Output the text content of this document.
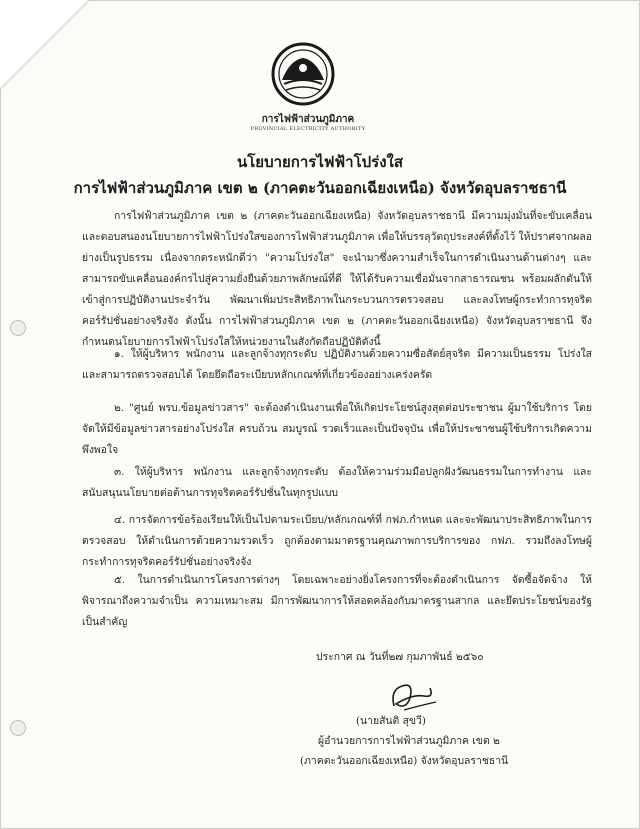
การไฟฟ้าส่วนภูมิภาค
PROVINCIAL ELECTRICITY AUTHORITY
นโยบายการไฟฟ้าโปร่งใส
การไฟฟ้าส่วนภูมิภาค เขต ๒ (ภาคตะวันออกเฉียงเหนือ) จังหวัดอุบลราชธานี
การไฟฟ้าส่วนภูมิภาค เขต ๒ (ภาคตะวันออกเฉียงเหนือ) จังหวัดอุบลราชธานี มีความมุ่งมั่นที่จะขับเคลื่อนและตอบสนองนโยบายการไฟฟ้าโปร่งใสของการไฟฟ้าส่วนภูมิภาค เพื่อให้บรรลุวัตถุประสงค์ที่ตั้งไว้ ให้ปราศจากผลอย่างเป็นรูปธรรม เนื่องจากตระหนักดีว่า "ความโปร่งใส" จะนำมาซึ่งความสำเร็จในการดำเนินงานด้านต่างๆ และสามารถขับเคลื่อนองค์กรไปสู่ความยั่งยืนด้วยภาพลักษณ์ที่ดี ให้ได้รับความเชื่อมั่นจากสาธารณชน พร้อมผลักดันให้เข้าสู่การปฏิบัติงานประจำวัน พัฒนาเพิ่มประสิทธิภาพในกระบวนการตรวจสอบ และลงโทษผู้กระทำการทุจริตคอร์รัปชั่นอย่างจริงจัง ดังนั้น การไฟฟ้าส่วนภูมิภาค เขต ๒ (ภาคตะวันออกเฉียงเหนือ) จังหวัดอุบลราชธานี จึงกำหนดนโยบายการไฟฟ้าโปร่งใสให้หน่วยงานในสังกัดถือปฏิบัติดังนี้
๑. ให้ผู้บริหาร พนักงาน และลูกจ้างทุกระดับ ปฏิบัติงานด้วยความซื่อสัตย์สุจริต มีความเป็นธรรม โปร่งใส และสามารถตรวจสอบได้ โดยยึดถือระเบียบหลักเกณฑ์ที่เกี่ยวข้องอย่างเคร่งครัด
๒. "ศูนย์ พรบ.ข้อมูลข่าวสาร" จะต้องดำเนินงานเพื่อให้เกิดประโยชน์สูงสุดต่อประชาชน ผู้มาใช้บริการ โดยจัดให้มีข้อมูลข่าวสารอย่างโปร่งใส ครบถ้วน สมบูรณ์ รวดเร็วและเป็นปัจจุบัน เพื่อให้ประชาชนผู้ใช้บริการเกิดความพึงพอใจ
๓. ให้ผู้บริหาร พนักงาน และลูกจ้างทุกระดับ ต้องให้ความร่วมมือปลูกฝังวัฒนธรรมในการทำงาน และสนับสนุนนโยบายต่อต้านการทุจริตคอร์รัปชั่นในทุกรูปแบบ
๔. การจัดการข้อร้องเรียนให้เป็นไปตามระเบียบ/หลักเกณฑ์ที่ กฟภ.กำหนด และจะพัฒนาประสิทธิภาพในการตรวจสอบ ให้ดำเนินการด้วยความรวดเร็ว ถูกต้องตามมาตรฐานคุณภาพการบริการของ กฟภ. รวมถึงลงโทษผู้กระทำการทุจริตคอร์รัปชั่นอย่างจริงจัง
๕. ในการดำเนินการโครงการต่างๆ โดยเฉพาะอย่างยิ่งโครงการที่จะต้องดำเนินการ จัดซื้อจัดจ้าง ให้พิจารณาถึงความจำเป็น ความเหมาะสม มีการพัฒนาการให้สอดคล้องกับมาตรฐานสากล และยึดประโยชน์ของรัฐเป็นสำคัญ
ประกาศ ณ วันที่๒๗ กุมภาพันธ์ ๒๕๖๐
(นายสันติ สุขวี)
ผู้อำนวยการการไฟฟ้าส่วนภูมิภาค เขต ๒
(ภาคตะวันออกเฉียงเหนือ) จังหวัดอุบลราชธานี
